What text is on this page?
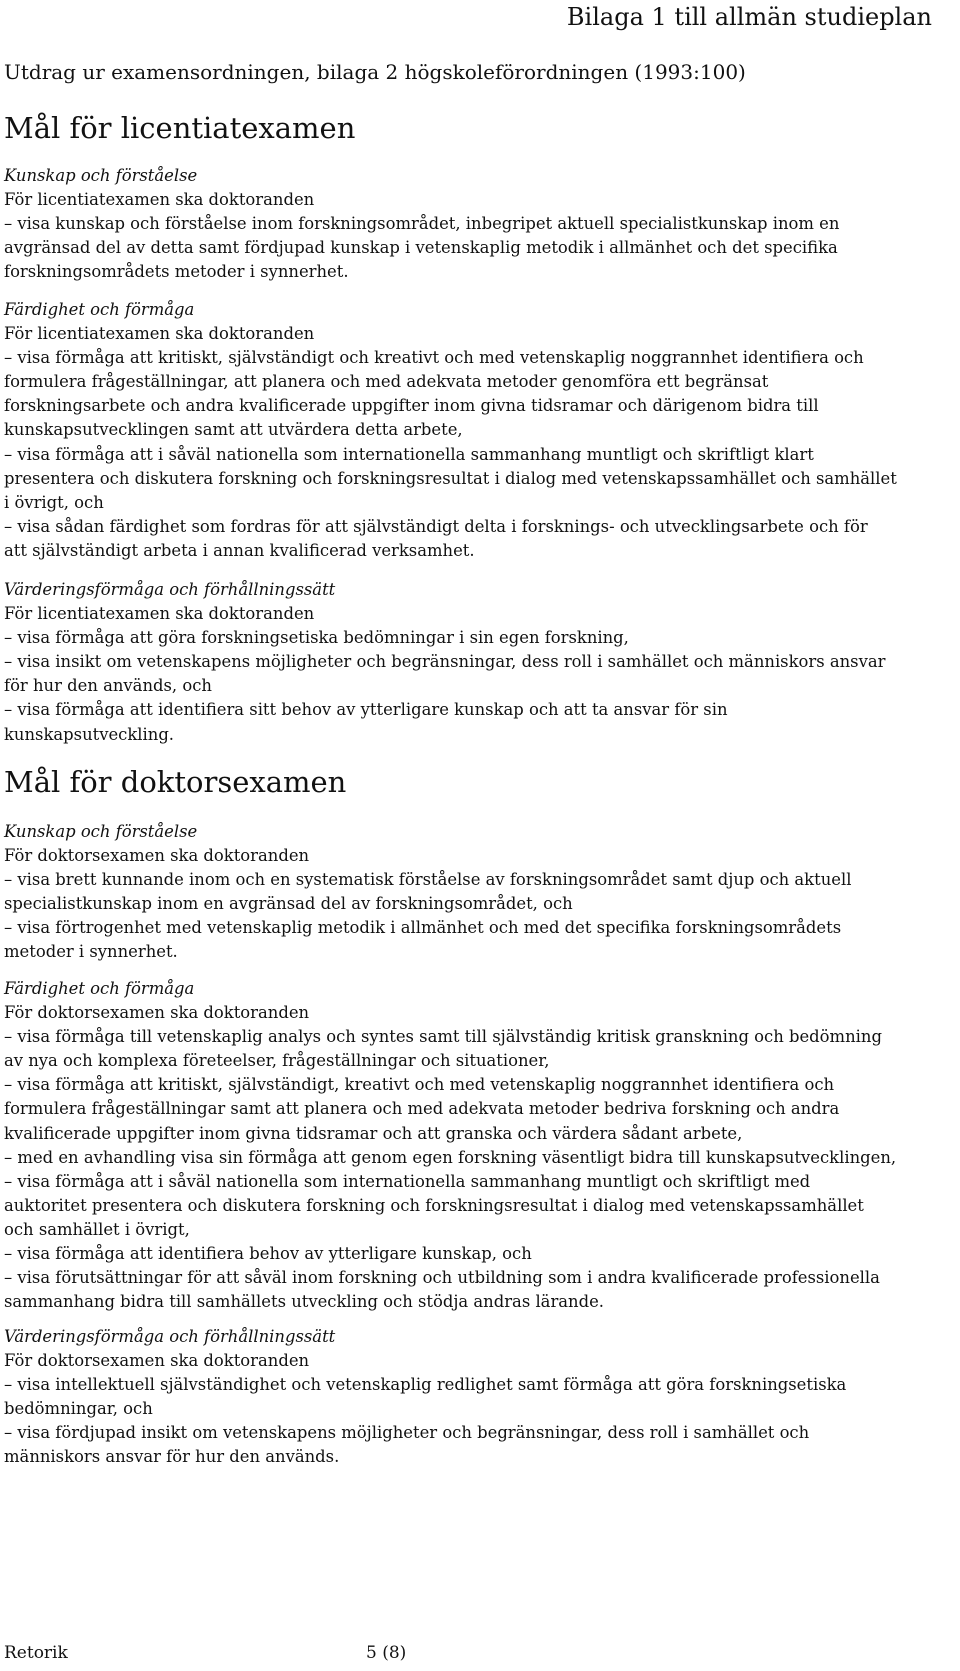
Bilaga 1 till allmän studieplan
Utdrag ur examensordningen, bilaga 2 högskoleförordningen (1993:100)
Mål för licentiatexamen
Kunskap och förståelse
För licentiatexamen ska doktoranden
– visa kunskap och förståelse inom forskningsområdet, inbegripet aktuell specialistkunskap inom en
avgränsad del av detta samt fördjupad kunskap i vetenskaplig metodik i allmänhet och det specifika
forskningsområdets metoder i synnerhet.
Färdighet och förmåga
För licentiatexamen ska doktoranden
– visa förmåga att kritiskt, självständigt och kreativt och med vetenskaplig noggrannhet identifiera och
formulera frågeställningar, att planera och med adekvata metoder genomföra ett begränsat
forskningsarbete och andra kvalificerade uppgifter inom givna tidsramar och därigenom bidra till
kunskapsutvecklingen samt att utvärdera detta arbete,
– visa förmåga att i såväl nationella som internationella sammanhang muntligt och skriftligt klart
presentera och diskutera forskning och forskningsresultat i dialog med vetenskapssamhället och samhället
i övrigt, och
– visa sådan färdighet som fordras för att självständigt delta i forsknings- och utvecklingsarbete och för
att självständigt arbeta i annan kvalificerad verksamhet.
Värderingsförmåga och förhållningssätt
För licentiatexamen ska doktoranden
– visa förmåga att göra forskningsetiska bedömningar i sin egen forskning,
– visa insikt om vetenskapens möjligheter och begränsningar, dess roll i samhället och människors ansvar
för hur den används, och
– visa förmåga att identifiera sitt behov av ytterligare kunskap och att ta ansvar för sin
kunskapsutveckling.
Mål för doktorsexamen
Kunskap och förståelse
För doktorsexamen ska doktoranden
– visa brett kunnande inom och en systematisk förståelse av forskningsområdet samt djup och aktuell
specialistkunskap inom en avgränsad del av forskningsområdet, och
– visa förtrogenhet med vetenskaplig metodik i allmänhet och med det specifika forskningsområdets
metoder i synnerhet.
Färdighet och förmåga
För doktorsexamen ska doktoranden
– visa förmåga till vetenskaplig analys och syntes samt till självständig kritisk granskning och bedömning
av nya och komplexa företeelser, frågeställningar och situationer,
– visa förmåga att kritiskt, självständigt, kreativt och med vetenskaplig noggrannhet identifiera och
formulera frågeställningar samt att planera och med adekvata metoder bedriva forskning och andra
kvalificerade uppgifter inom givna tidsramar och att granska och värdera sådant arbete,
– med en avhandling visa sin förmåga att genom egen forskning väsentligt bidra till kunskapsutvecklingen,
– visa förmåga att i såväl nationella som internationella sammanhang muntligt och skriftligt med
auktoritet presentera och diskutera forskning och forskningsresultat i dialog med vetenskapssamhället
och samhället i övrigt,
– visa förmåga att identifiera behov av ytterligare kunskap, och
– visa förutsättningar för att såväl inom forskning och utbildning som i andra kvalificerade professionella
sammanhang bidra till samhällets utveckling och stödja andras lärande.
Värderingsförmåga och förhållningssätt
För doktorsexamen ska doktoranden
– visa intellektuell självständighet och vetenskaplig redlighet samt förmåga att göra forskningsetiska
bedömningar, och
– visa fördjupad insikt om vetenskapens möjligheter och begränsningar, dess roll i samhället och
människors ansvar för hur den används.
Retorik	5 (8)
